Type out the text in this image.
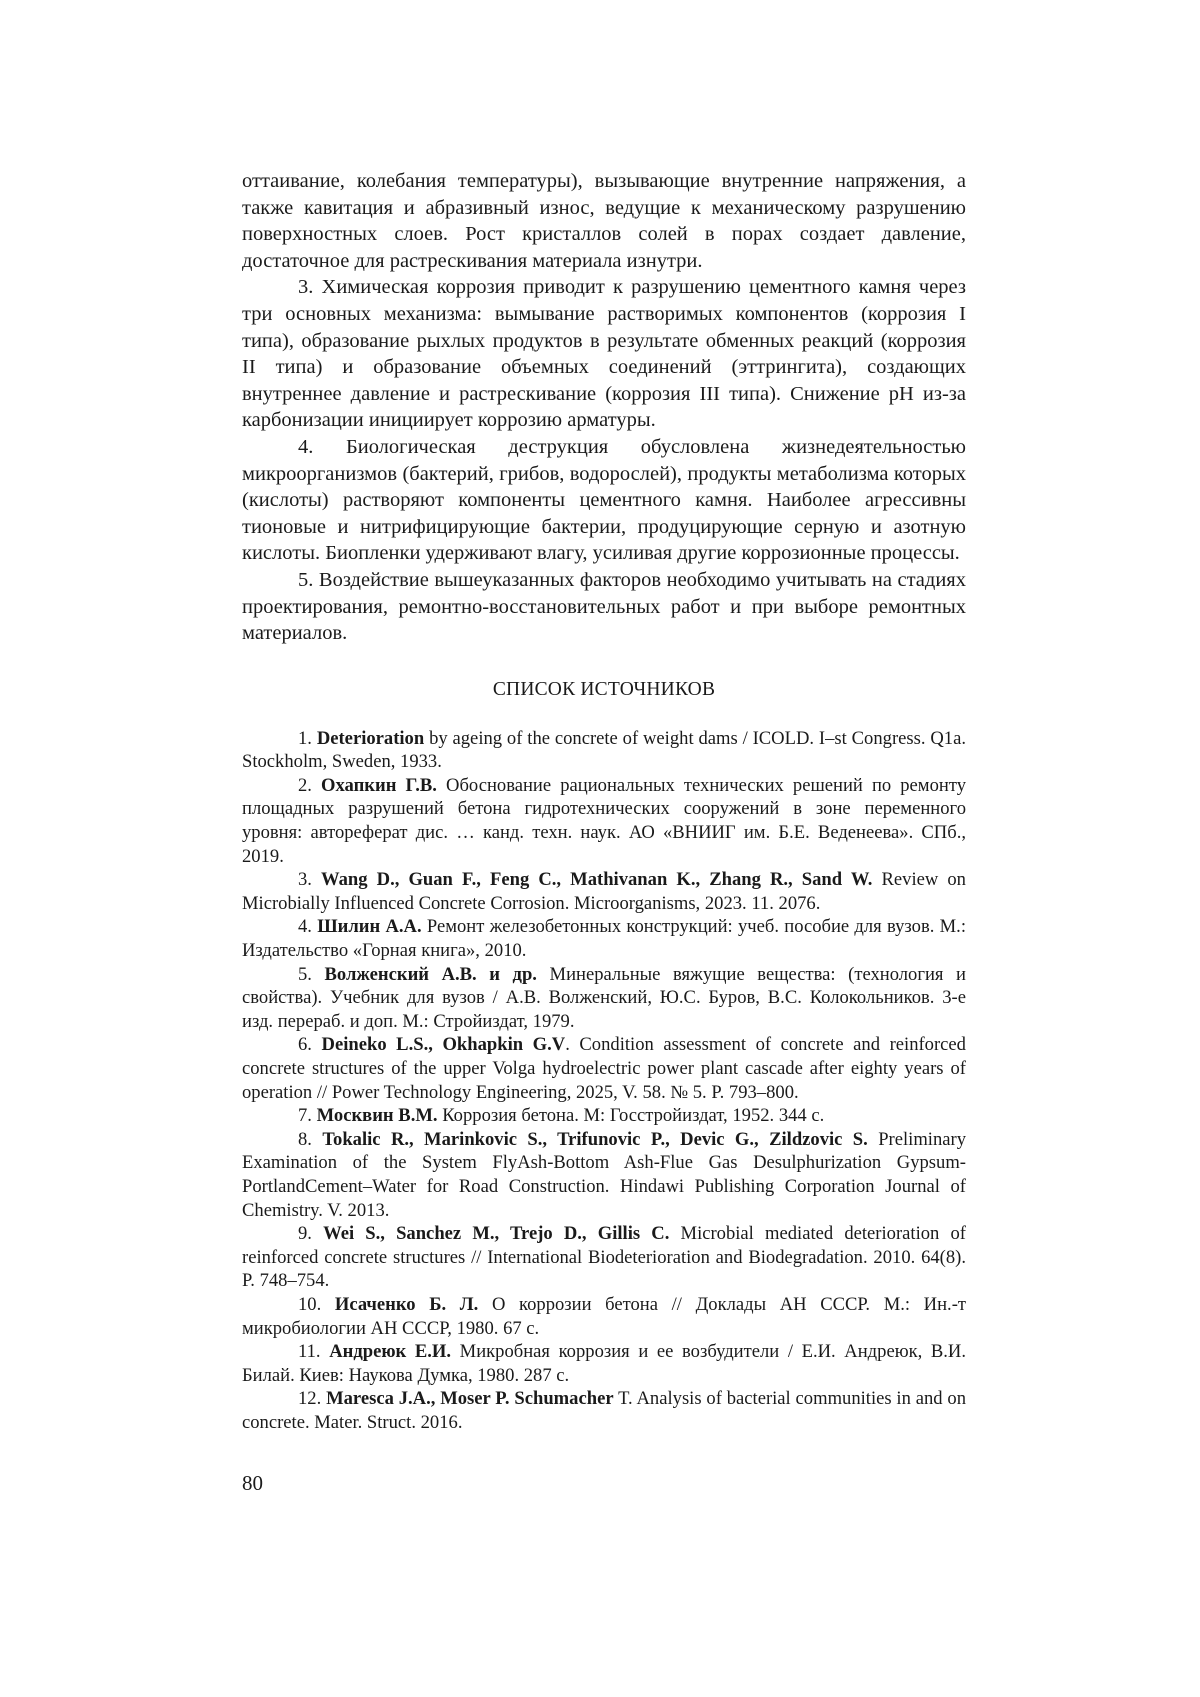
оттаивание, колебания температуры), вызывающие внутренние напряжения, а также кавитация и абразивный износ, ведущие к механическому разрушению поверхностных слоев. Рост кристаллов солей в порах создает давление, достаточное для растрескивания материала изнутри.

3. Химическая коррозия приводит к разрушению цементного камня через три основных механизма: вымывание растворимых компонентов (коррозия I типа), образование рыхлых продуктов в результате обменных реакций (коррозия II типа) и образование объемных соединений (эттрингита), создающих внутреннее давление и растрескивание (коррозия III типа). Снижение pH из-за карбонизации инициирует коррозию арматуры.

4. Биологическая деструкция обусловлена жизнедеятельностью микроорганизмов (бактерий, грибов, водорослей), продукты метаболизма которых (кислоты) растворяют компоненты цементного камня. Наиболее агрессивны тионовые и нитрифицирующие бактерии, продуцирующие серную и азотную кислоты. Биопленки удерживают влагу, усиливая другие коррозионные процессы.

5. Воздействие вышеуказанных факторов необходимо учитывать на стадиях проектирования, ремонтно-восстановительных работ и при выборе ремонтных материалов.

СПИСОК ИСТОЧНИКОВ

1. Deterioration by ageing of the concrete of weight dams / ICOLD. I–st Congress. Q1a. Stockholm, Sweden, 1933.

2. Охапкин Г.В. Обоснование рациональных технических решений по ремонту площадных разрушений бетона гидротехнических сооружений в зоне переменного уровня: автореферат дис. … канд. техн. наук. АО «ВНИИГ им. Б.Е. Веденеева». СПб., 2019.

3. Wang D., Guan F., Feng C., Mathivanan K., Zhang R., Sand W. Review on Microbially Influenced Concrete Corrosion. Microorganisms, 2023. 11. 2076.

4. Шилин А.А. Ремонт железобетонных конструкций: учеб. пособие для вузов. М.: Издательство «Горная книга», 2010.

5. Волженский А.В. и др. Минеральные вяжущие вещества: (технология и свойства). Учебник для вузов / А.В. Волженский, Ю.С. Буров, В.С. Колокольников. 3-е изд. перераб. и доп. М.: Стройиздат, 1979.

6. Deineko L.S., Okhapkin G.V. Condition assessment of concrete and reinforced concrete structures of the upper Volga hydroelectric power plant cascade after eighty years of operation // Power Technology Engineering, 2025, V. 58. № 5. P. 793–800.

7. Москвин В.М. Коррозия бетона. М: Госстройиздат, 1952. 344 с.

8. Tokalic R., Marinkovic S., Trifunovic P., Devic G., Zildzovic S. Preliminary Examination of the System FlyAsh-Bottom Ash-Flue Gas Desulphurization Gypsum-PortlandCement–Water for Road Construction. Hindawi Publishing Corporation Journal of Chemistry. V. 2013.

9. Wei S., Sanchez M., Trejo D., Gillis C. Microbial mediated deterioration of reinforced concrete structures // International Biodeterioration and Biodegradation. 2010. 64(8). P. 748–754.

10. Исаченко Б. Л. О коррозии бетона // Доклады АН СССР. М.: Ин.-т микробиологии АН СССР, 1980. 67 с.

11. Андреюк Е.И. Микробная коррозия и ее возбудители / Е.И. Андреюк, В.И. Билай. Киев: Наукова Думка, 1980. 287 с.

12. Maresca J.A., Moser P. Schumacher T. Analysis of bacterial communities in and on concrete. Mater. Struct. 2016.

80
